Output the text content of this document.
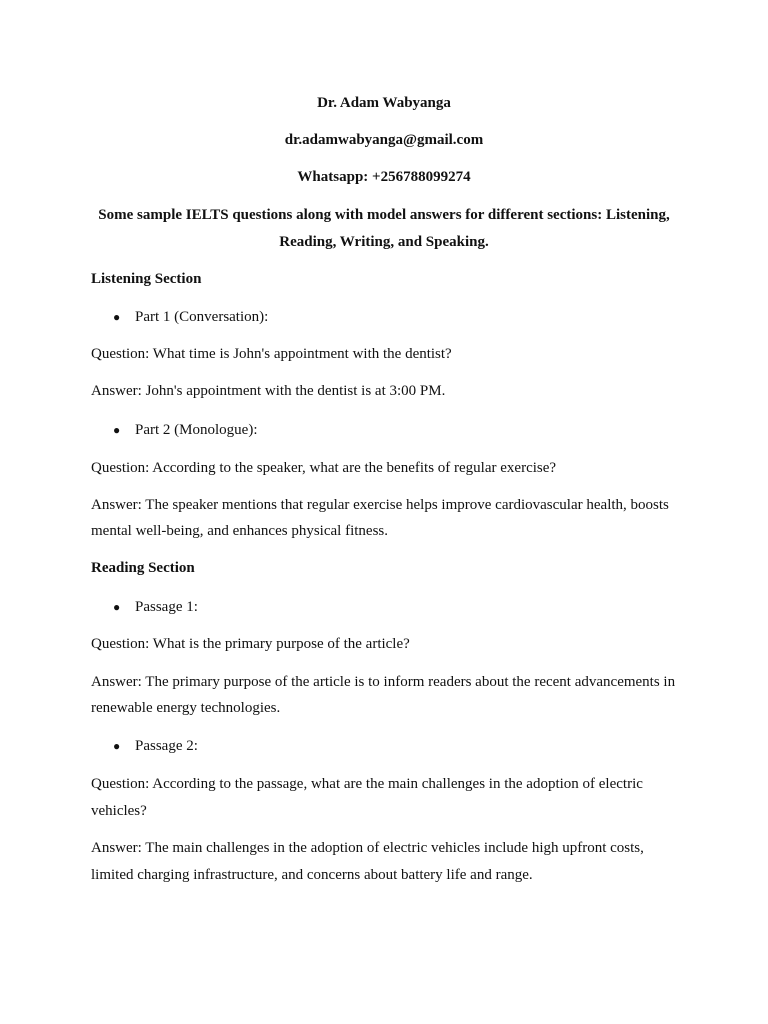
Dr. Adam Wabyanga
dr.adamwabyanga@gmail.com
Whatsapp: +256788099274
Some sample IELTS questions along with model answers for different sections: Listening,
Reading, Writing, and Speaking.
Listening Section
● Part 1 (Conversation):
Question: What time is John's appointment with the dentist?
Answer: John's appointment with the dentist is at 3:00 PM.
● Part 2 (Monologue):
Question: According to the speaker, what are the benefits of regular exercise?
Answer: The speaker mentions that regular exercise helps improve cardiovascular health, boosts
mental well-being, and enhances physical fitness.
Reading Section
● Passage 1:
Question: What is the primary purpose of the article?
Answer: The primary purpose of the article is to inform readers about the recent advancements in
renewable energy technologies.
● Passage 2:
Question: According to the passage, what are the main challenges in the adoption of electric
vehicles?
Answer: The main challenges in the adoption of electric vehicles include high upfront costs,
limited charging infrastructure, and concerns about battery life and range.
